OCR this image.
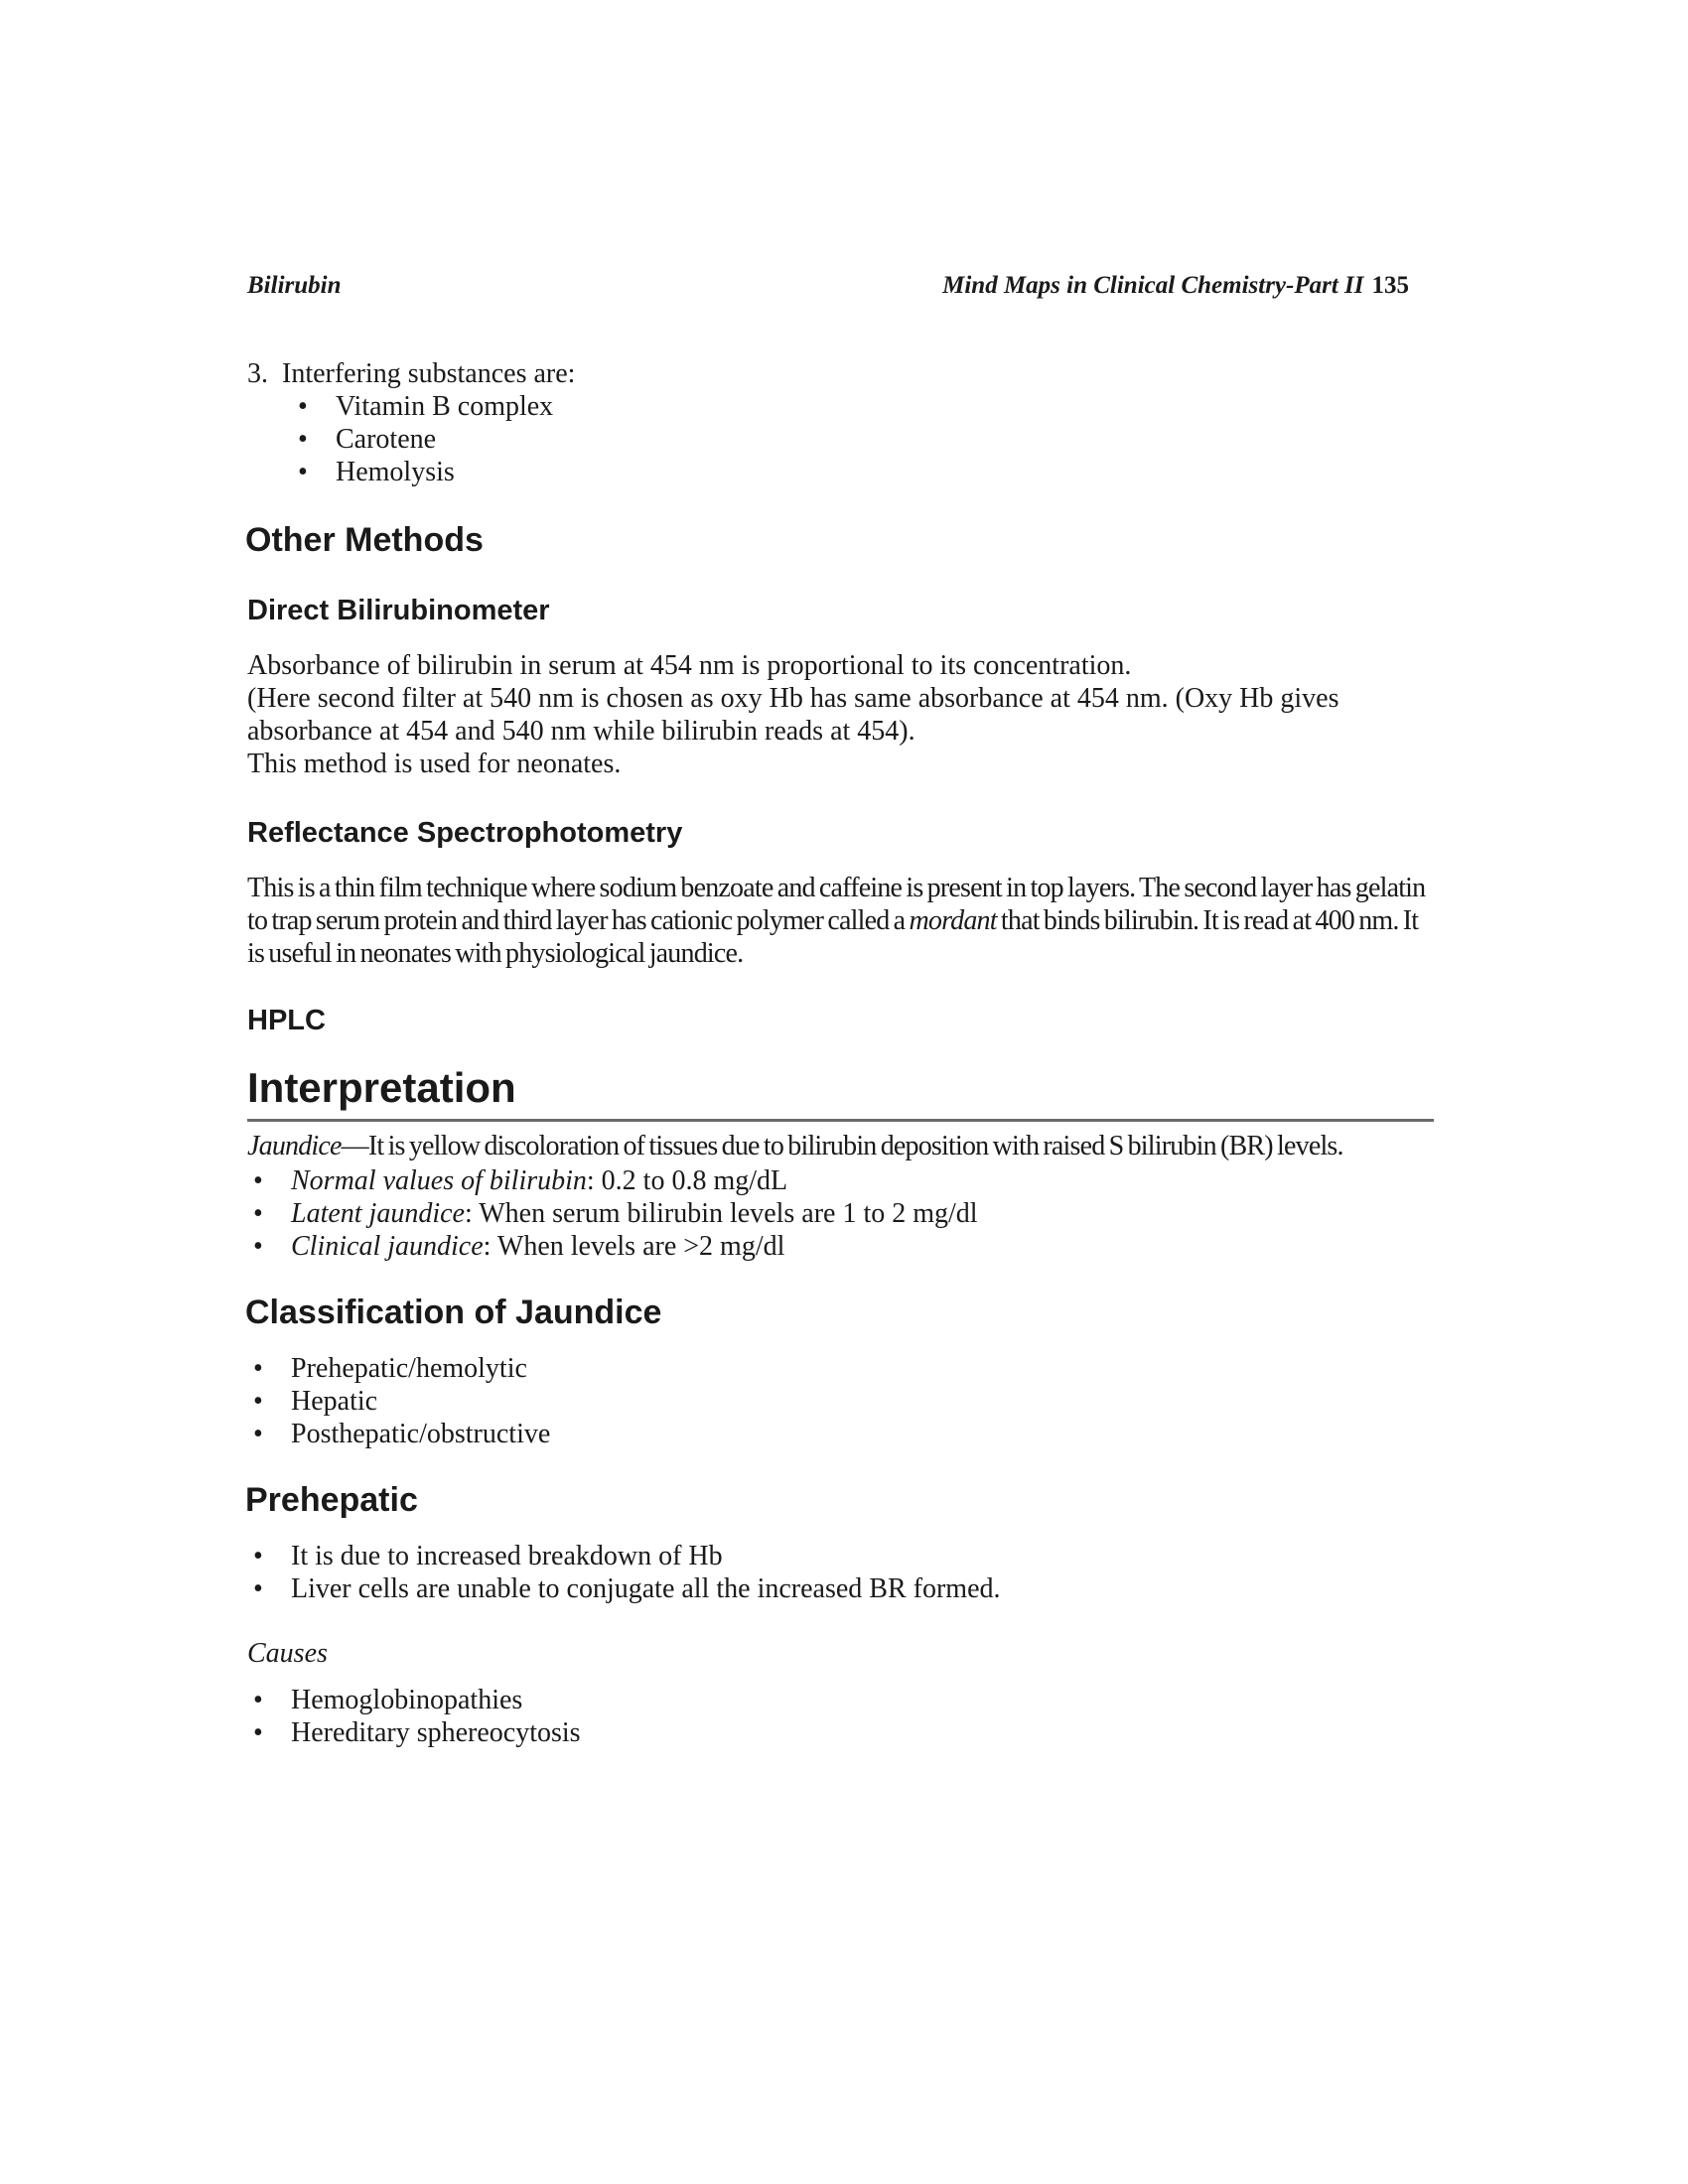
Bilirubin	Mind Maps in Clinical Chemistry-Part II 135

3. Interfering substances are:

• Vitamin B complex
• Carotene
• Hemolysis
Other Methods
Direct Bilirubinometer

Absorbance of bilirubin in serum at 454 nm is proportional to its concentration.

(Here second filter at 540 nm is chosen as oxy Hb has same absorbance at 454 nm. (Oxy Hb gives absorbance at 454 and 540 nm while bilirubin reads at 454).

This method is used for neonates.

Reflectance Spectrophotometry

This is a thin film technique where sodium benzoate and caffeine is present in top layers. The second layer has gelatin to trap serum protein and third layer has cationic polymer called a mordant that binds bilirubin. It is read at 400 nm. It is useful in neonates with physiological jaundice.

HPLC
Interpretation

Jaundice—It is yellow discoloration of tissues due to bilirubin deposition with raised S bilirubin (BR) levels.

• Normal values of bilirubin: 0.2 to 0.8 mg/dL
• Latent jaundice: When serum bilirubin levels are 1 to 2 mg/dl
• Clinical jaundice: When levels are >2 mg/dl
Classification of Jaundice
• Prehepatic/hemolytic
• Hepatic
• Posthepatic/obstructive
Prehepatic
• It is due to increased breakdown of Hb
• Liver cells are unable to conjugate all the increased BR formed.

Causes

• Hemoglobinopathies
• Hereditary sphereocytosis
